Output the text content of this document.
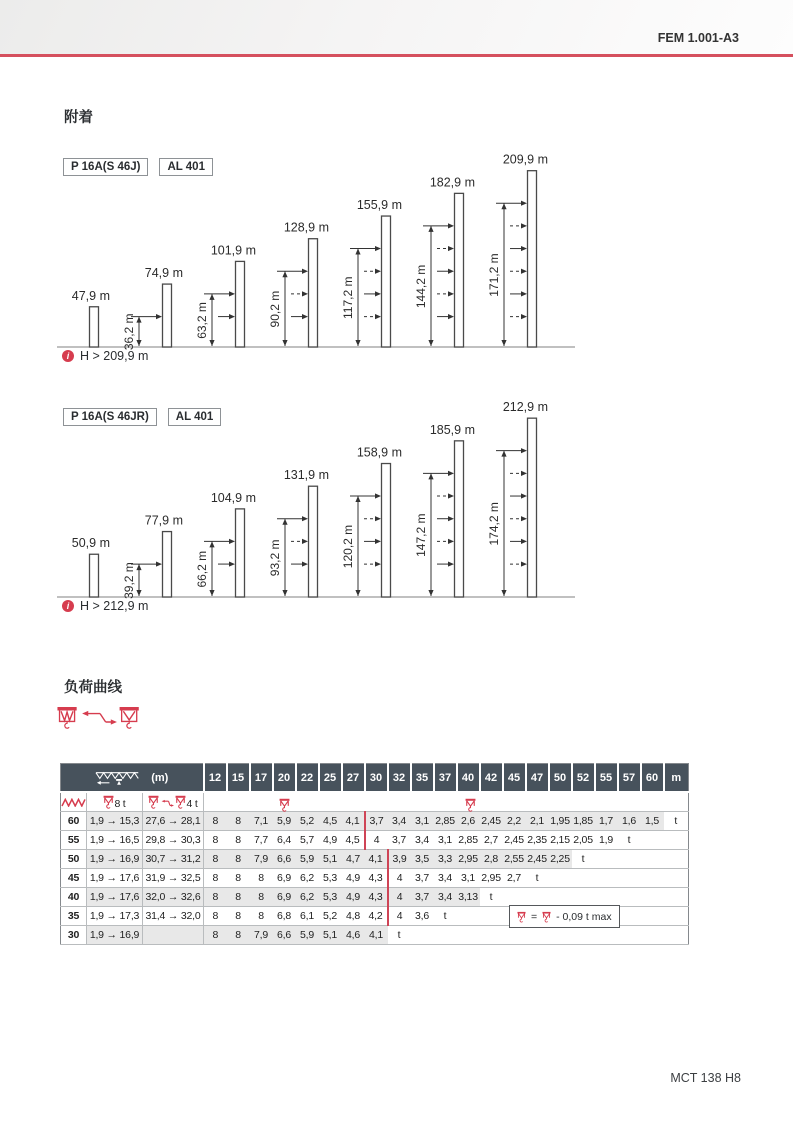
FEM 1.001-A3
附着
47,9 m
36,2 m
74,9 m
63,2 m
101,9 m
90,2 m
128,9 m
117,2 m
155,9 m
144,2 m
182,9 m
171,2 m
209,9 m
P 16A(S 46J)	AL 401
i H > 209,9 m
50,9 m
39,2 m
77,9 m
66,2 m
104,9 m
93,2 m
131,9 m
120,2 m
158,9 m
147,2 m
185,9 m
174,2 m
212,9 m
P 16A(S 46JR)	AL 401
i H > 212,9 m
负荷曲线
(m)			12	15	17	20	22	25	27	30	32	35	37	40	42	45	47	50	52	55	57	60	m
	8 t	4 t	

60	1,9 → 15,3	27,6 → 28,1	8	8	7,1	5,9	5,2	4,5	4,1	3,7	3,4	3,1	2,85	2,6	2,45	2,2	2,1	1,95	1,85	1,7	1,6	1,5	t
55	1,9 → 16,5	29,8 → 30,3	8	8	7,7	6,4	5,7	4,9	4,5	4	3,7	3,4	3,1	2,85	2,7	2,45	2,35	2,15	2,05	1,9	t		
50	1,9 → 16,9	30,7 → 31,2	8	8	7,9	6,6	5,9	5,1	4,7	4,1	3,9	3,5	3,3	2,95	2,8	2,55	2,45	2,25	t				
45	1,9 → 17,6	31,9 → 32,5	8	8	8	6,9	6,2	5,3	4,9	4,3	4	3,7	3,4	3,1	2,95	2,7	t						
40	1,9 → 17,6	32,0 → 32,6	8	8	8	6,9	6,2	5,3	4,9	4,3	4	3,7	3,4	3,13	t								
35	1,9 → 17,3	31,4 → 32,0	8	8	8	6,8	6,1	5,2	4,8	4,2	4	3,6	t										
30	1,9 → 16,9		8	8	7,9	6,6	5,9	5,1	4,6	4,1	t												
= - 0,09 t max
MCT 138 H8
